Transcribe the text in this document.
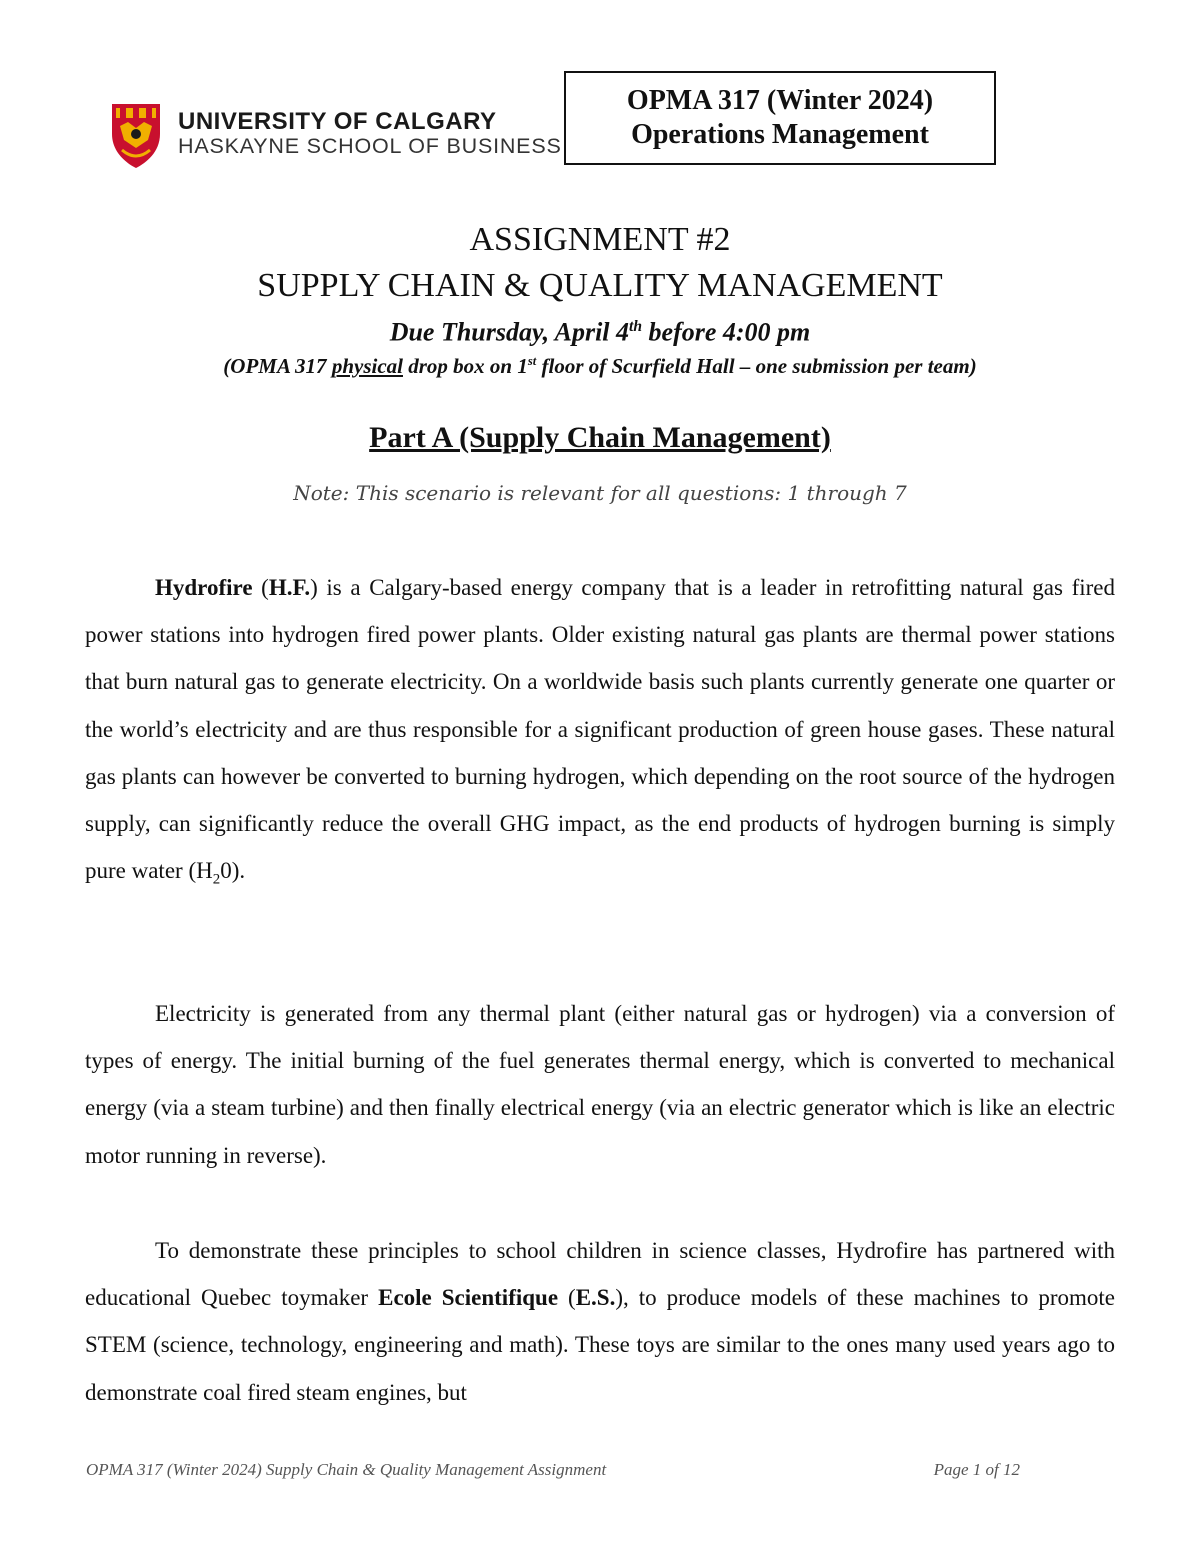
UNIVERSITY OF CALGARY
HASKAYNE SCHOOL OF BUSINESS
OPMA 317 (Winter 2024)
Operations Management
ASSIGNMENT #2
SUPPLY CHAIN & QUALITY MANAGEMENT
Due Thursday, April 4th before 4:00 pm
(OPMA 317 physical drop box on 1st floor of Scurfield Hall – one submission per team)
Part A (Supply Chain Management)
Note: This scenario is relevant for all questions: 1 through 7
Hydrofire (H.F.) is a Calgary-based energy company that is a leader in retrofitting natural gas fired power stations into hydrogen fired power plants. Older existing natural gas plants are thermal power stations that burn natural gas to generate electricity. On a worldwide basis such plants currently generate one quarter or the world’s electricity and are thus responsible for a significant production of green house gases. These natural gas plants can however be converted to burning hydrogen, which depending on the root source of the hydrogen supply, can significantly reduce the overall GHG impact, as the end products of hydrogen burning is simply pure water $(H_20)$.
Electricity is generated from any thermal plant (either natural gas or hydrogen) via a conversion of types of energy. The initial burning of the fuel generates thermal energy, which is converted to mechanical energy (via a steam turbine) and then finally electrical energy (via an electric generator which is like an electric motor running in reverse).
To demonstrate these principles to school children in science classes, Hydrofire has partnered with educational Quebec toymaker Ecole Scientifique (E.S.), to produce models of these machines to promote STEM (science, technology, engineering and math). These toys are similar to the ones many used years ago to demonstrate coal fired steam engines, but
OPMA 317 (Winter 2024) Supply Chain & Quality Management Assignment	Page 1 of 12
